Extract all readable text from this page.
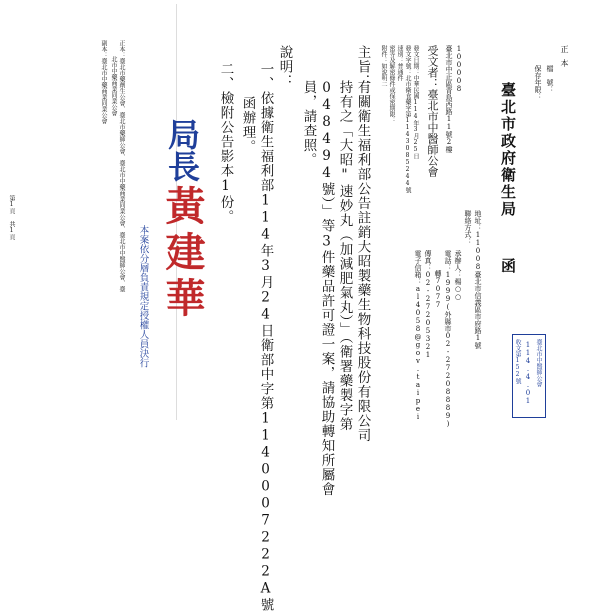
正本
檔　號：
保存年限：
臺北市政府衛生局
函
地址：11008臺北市信義區市府路1號
聯絡方式：
承辦人：楊○○
電話：1999(外縣市02-27208889)
轉7077
傳真：02-27205321
電子信箱：al4058@gov.taipei
100008
臺北市中正區青島西路11號2樓
受文者：臺北市中醫師公會
發文日期：中華民國114年3月25日
發文字號：北市衛食藥字第1143085244號
速別：普通件
密等及解密條件或保密期限：
附件：如說明二
主旨：
有關衛生福利部公告註銷大昭製藥生物科技股份有限公司
持有之「大昭"速妙丸（加減肥氣丸）」（衛署藥製字第
048494號）」等3件藥品許可證一案，請協助轉知所屬會
員，請查照。
說明：
一、依據衛生福利部114年3月24日衛部中字第1140007222A號
函辦理。
二、檢附公告影本1份。
局長
黃建華
本案依分層負責規定授權人員決行
正本：臺北市藥劑生公會、臺北市藥師公會、臺北市中藥商業同業公會、臺北市中醫師公會、臺
北市中藥商業同業公會
副本：臺北市中藥商業同業公會
臺北市中醫師公會
114.4.01
收文第152號
第1頁 共1頁
